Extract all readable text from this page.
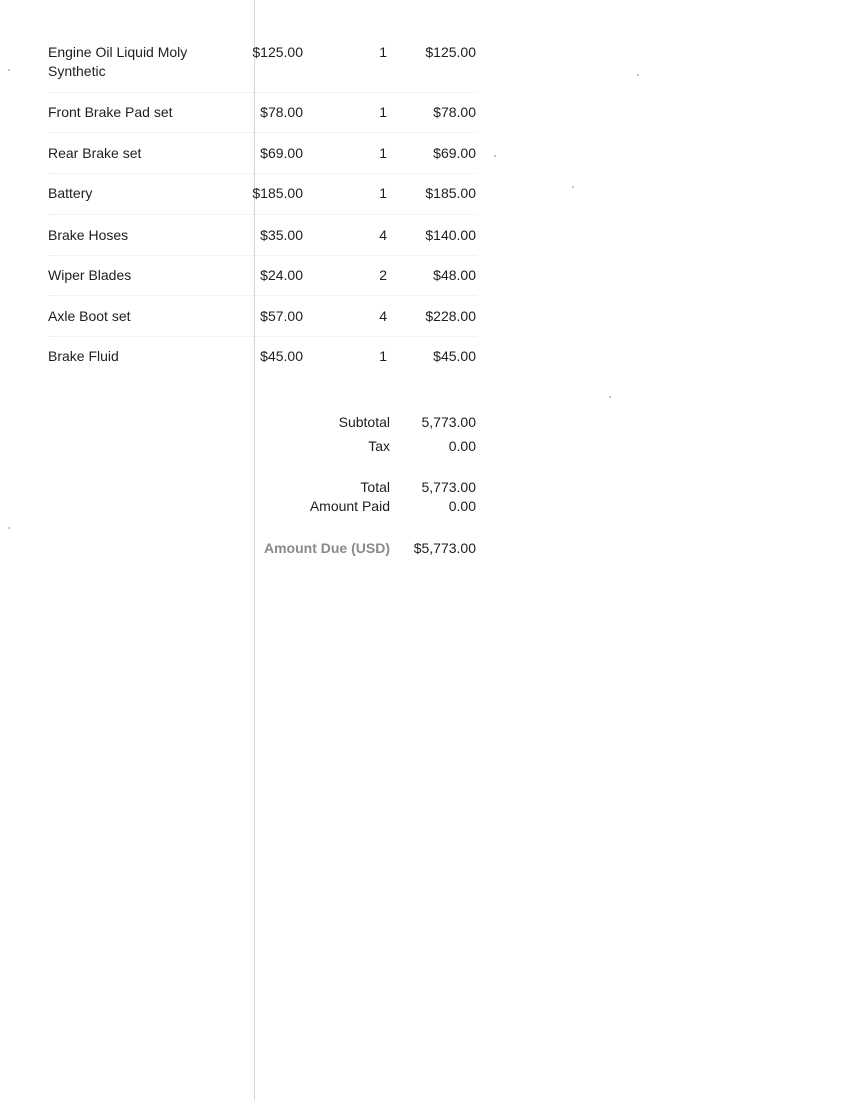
Engine Oil Liquid Moly Synthetic
$125.00	1	$125.00
Front Brake Pad set	$78.00	1	$78.00
Rear Brake set	$69.00	1	$69.00
Battery	$185.00	1	$185.00
Brake Hoses	$35.00	4	$140.00
Wiper Blades	$24.00	2	$48.00
Axle Boot set	$57.00	4	$228.00
Brake Fluid	$45.00	1	$45.00
Subtotal	5,773.00
Tax	0.00
Total	5,773.00
Amount Paid	0.00
Amount Due (USD)	$5,773.00
